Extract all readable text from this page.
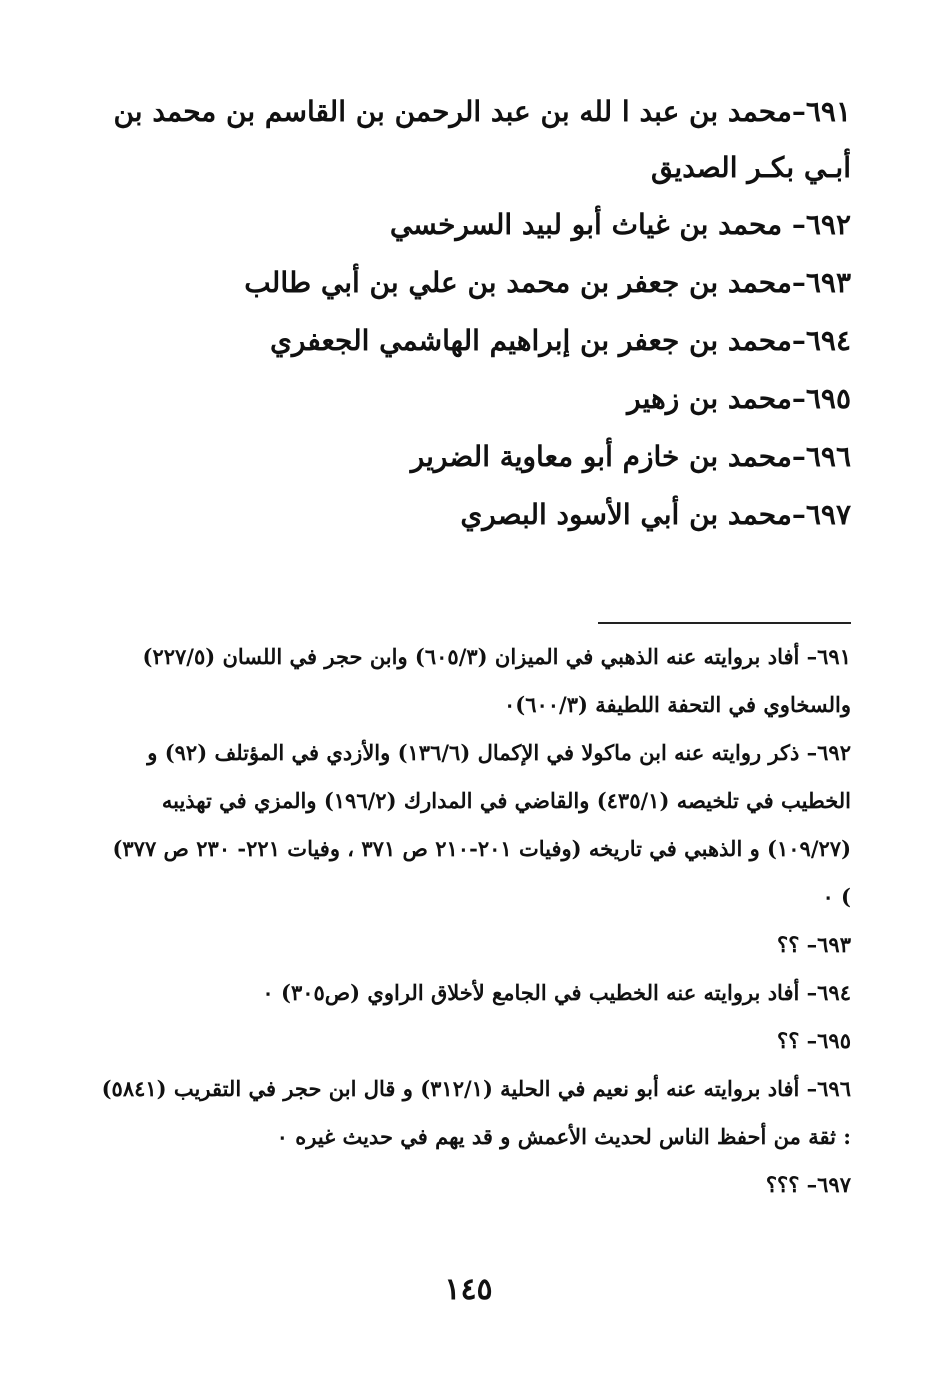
٦٩١–محمد بن عبد ا لله بن عبد الرحمن بن القاسم بن محمد بن أبـي بكـر الصديق
٦٩٢– محمد بن غياث أبو لبيد السرخسي
٦٩٣–محمد بن جعفر بن محمد بن علي بن أبي طالب
٦٩٤–محمد بن جعفر بن إبراهيم الهاشمي الجعفري
٦٩٥–محمد بن زهير
٦٩٦–محمد بن خازم أبو معاوية الضرير
٦٩٧–محمد بن أبي الأسود البصري

٦٩١– أفاد بروايته عنه الذهبي في الميزان (٦٠٥/٣) وابن حجر في اللسان (٢٢٧/٥) والسخاوي في التحفة اللطيفة (٦٠٠/٣)۰

٦٩٢– ذكر روايته عنه ابن ماكولا في الإكمال (١٣٦/٦) والأزدي في المؤتلف (٩٢) و الخطيب في تلخيصه (٤٣٥/١) والقاضي في المدارك (١٩٦/٢) والمزي في تهذيبه (١٠٩/٢٧) و الذهبي في تاريخه (وفيات ٢٠١-٢١٠ ص ٣٧١ ، وفيات ٢٢١- ٢٣٠ ص ٣٧٧) ) ۰

٦٩٣– ؟؟

٦٩٤– أفاد بروايته عنه الخطيب في الجامع لأخلاق الراوي (ص٣٠٥) ۰

٦٩٥– ؟؟

٦٩٦– أفاد بروايته عنه أبو نعيم في الحلية (٣١٢/١) و قال ابن حجر في التقريب (٥٨٤١) : ثقة من أحفظ الناس لحديث الأعمش و قد يهم في حديث غيره ۰

٦٩٧– ؟؟؟

١٤٥
